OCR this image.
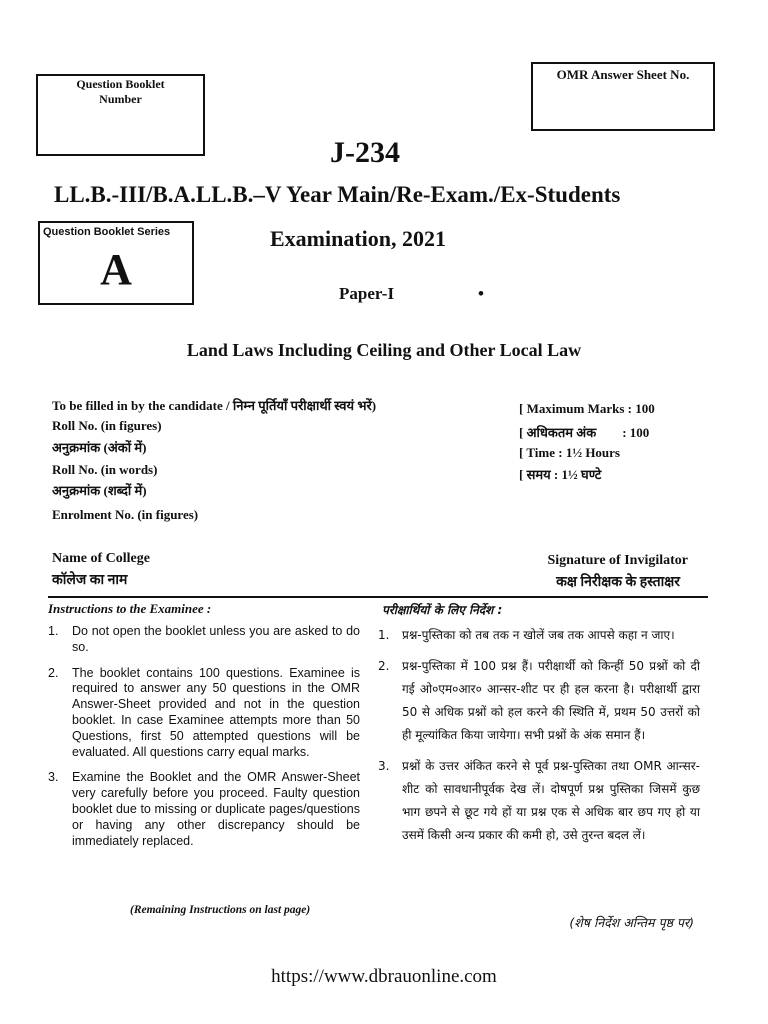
Question Booklet
Number
OMR Answer Sheet No.
J-234
LL.B.-III/B.A.LL.B.–V Year Main/Re-Exam./Ex-Students
Question Booklet Series
A
Examination, 2021
Paper-I	•
Land Laws Including Ceiling and Other Local Law
To be filled in by the candidate / निम्न पूर्तियाँ परीक्षार्थी स्वयं भरें)
Roll No. (in figures)
अनुक्रमांक (अंकों में)
Roll No. (in words)
अनुक्रमांक (शब्दों में)
Enrolment No. (in figures)
[ Maximum Marks : 100
[ अधिकतम अंक        : 100
[ Time : 1½ Hours
[ समय : 1½ घण्टे
Name of College
कॉलेज का नाम
Signature of Invigilator
कक्ष निरीक्षक के हस्ताक्षर
Instructions to the Examinee :
1.	Do not open the booklet unless you are asked to do so.
2.	The booklet contains 100 questions. Examinee is required to answer any 50 questions in the OMR Answer-Sheet provided and not in the question booklet. In case Examinee attempts more than 50 Questions, first 50 attempted questions will be evaluated. All questions carry equal marks.
3.	Examine the Booklet and the OMR Answer-Sheet very carefully before you proceed. Faulty question booklet due to missing or duplicate pages/questions or having any other discrepancy should be immediately replaced.
(Remaining Instructions on last page)
परीक्षार्थियों के लिए निर्देश :
1.	प्रश्न-पुस्तिका को तब तक न खोलें जब तक आपसे कहा न जाए।
2.	प्रश्न-पुस्तिका में 100 प्रश्न हैं। परीक्षार्थी को किन्हीं 50 प्रश्नों को दी गई ओ०एम०आर० आन्सर-शीट पर ही हल करना है। परीक्षार्थी द्वारा 50 से अधिक प्रश्नों को हल करने की स्थिति में, प्रथम 50 उत्तरों को ही मूल्यांकित किया जायेगा। सभी प्रश्नों के अंक समान हैं।
3.	प्रश्नों के उत्तर अंकित करने से पूर्व प्रश्न-पुस्तिका तथा OMR आन्सर-शीट को सावधानीपूर्वक देख लें। दोषपूर्ण प्रश्न पुस्तिका जिसमें कुछ भाग छपने से छूट गये हों या प्रश्न एक से अधिक बार छप गए हो या उसमें किसी अन्य प्रकार की कमी हो, उसे तुरन्त बदल लें।
(शेष निर्देश अन्तिम पृष्ठ पर)
https://www.dbrauonline.com
